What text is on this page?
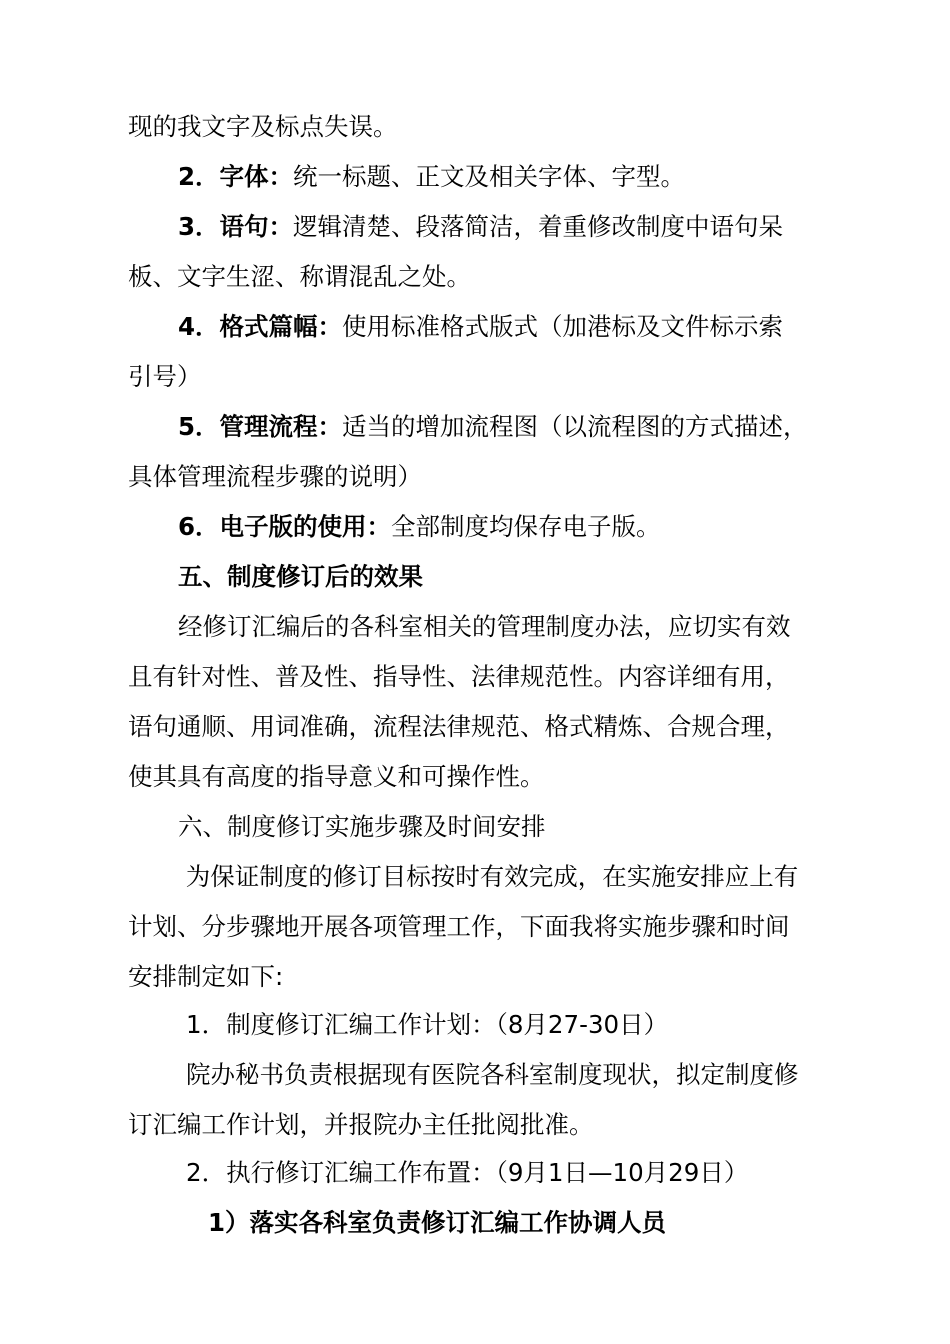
现的我文字及标点失误。
2．字体：统一标题、正文及相关字体、字型。
3．语句：逻辑清楚、段落简洁，着重修改制度中语句呆
板、文字生涩、称谓混乱之处。
4．格式篇幅：使用标准格式版式（加港标及文件标示索
引号）
5．管理流程：适当的增加流程图（以流程图的方式描述，
具体管理流程步骤的说明）
6．电子版的使用：全部制度均保存电子版。
五、制度修订后的效果
经修订汇编后的各科室相关的管理制度办法，应切实有效
且有针对性、普及性、指导性、法律规范性。内容详细有用，
语句通顺、用词准确，流程法律规范、格式精炼、合规合理，
使其具有高度的指导意义和可操作性。
六、制度修订实施步骤及时间安排
为保证制度的修订目标按时有效完成，在实施安排应上有
计划、分步骤地开展各项管理工作，下面我将实施步骤和时间
安排制定如下:
1．制度修订汇编工作计划：（8月27-30日）
院办秘书负责根据现有医院各科室制度现状，拟定制度修
订汇编工作计划，并报院办主任批阅批准。
2．执行修订汇编工作布置：（9月1日—10月29日）
1）落实各科室负责修订汇编工作协调人员
